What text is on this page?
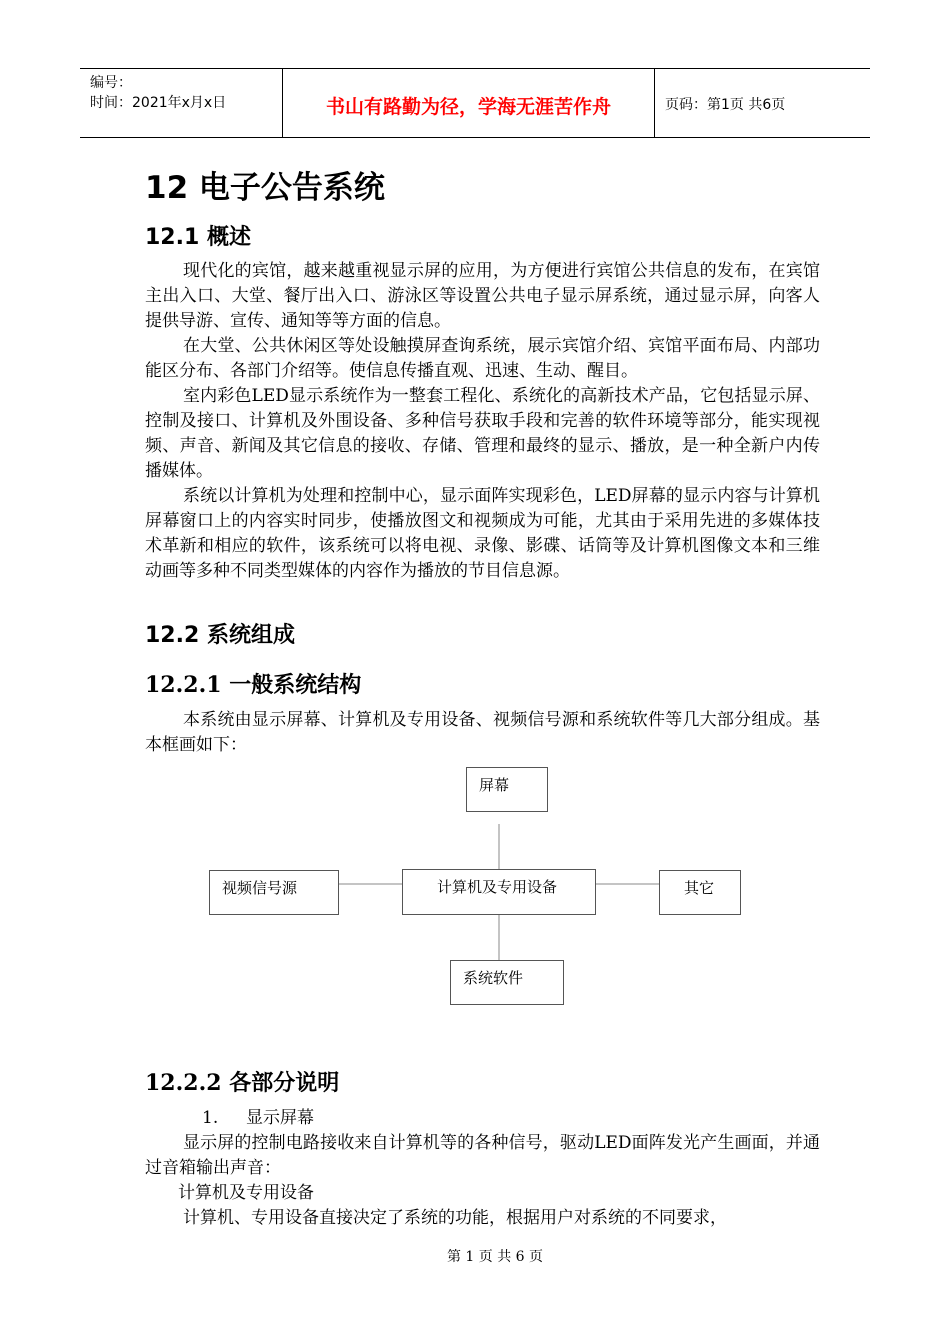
编号：
时间：2021年x月x日	书山有路勤为径，学海无涯苦作舟	页码：第1页 共6页
12 电子公告系统
12.1 概述

现代化的宾馆，越来越重视显示屏的应用，为方便进行宾馆公共信息的发布，在宾馆主出入口、大堂、餐厅出入口、游泳区等设置公共电子显示屏系统，通过显示屏，向客人提供导游、宣传、通知等等方面的信息。

在大堂、公共休闲区等处设触摸屏查询系统，展示宾馆介绍、宾馆平面布局、内部功能区分布、各部门介绍等。使信息传播直观、迅速、生动、醒目。

室内彩色LED显示系统作为一整套工程化、系统化的高新技术产品，它包括显示屏、控制及接口、计算机及外围设备、多种信号获取手段和完善的软件环境等部分，能实现视频、声音、新闻及其它信息的接收、存储、管理和最终的显示、播放，是一种全新户内传播媒体。

系统以计算机为处理和控制中心，显示面阵实现彩色，LED屏幕的显示内容与计算机屏幕窗口上的内容实时同步，使播放图文和视频成为可能，尤其由于采用先进的多媒体技术革新和相应的软件，该系统可以将电视、录像、影碟、话筒等及计算机图像文本和三维动画等多种不同类型媒体的内容作为播放的节目信息源。

12.2 系统组成
12.2.1 一般系统结构

本系统由显示屏幕、计算机及专用设备、视频信号源和系统软件等几大部分组成。基本框画如下：

屏幕
视频信号源	计算机及专用设备	其它
系统软件
12.2.2 各部分说明
1. 显示屏幕

显示屏的控制电路接收来自计算机等的各种信号，驱动LED面阵发光产生画面，并通过音箱输出声音：

计算机及专用设备
计算机、专用设备直接决定了系统的功能，根据用户对系统的不同要求，
第 1 页 共 6 页
